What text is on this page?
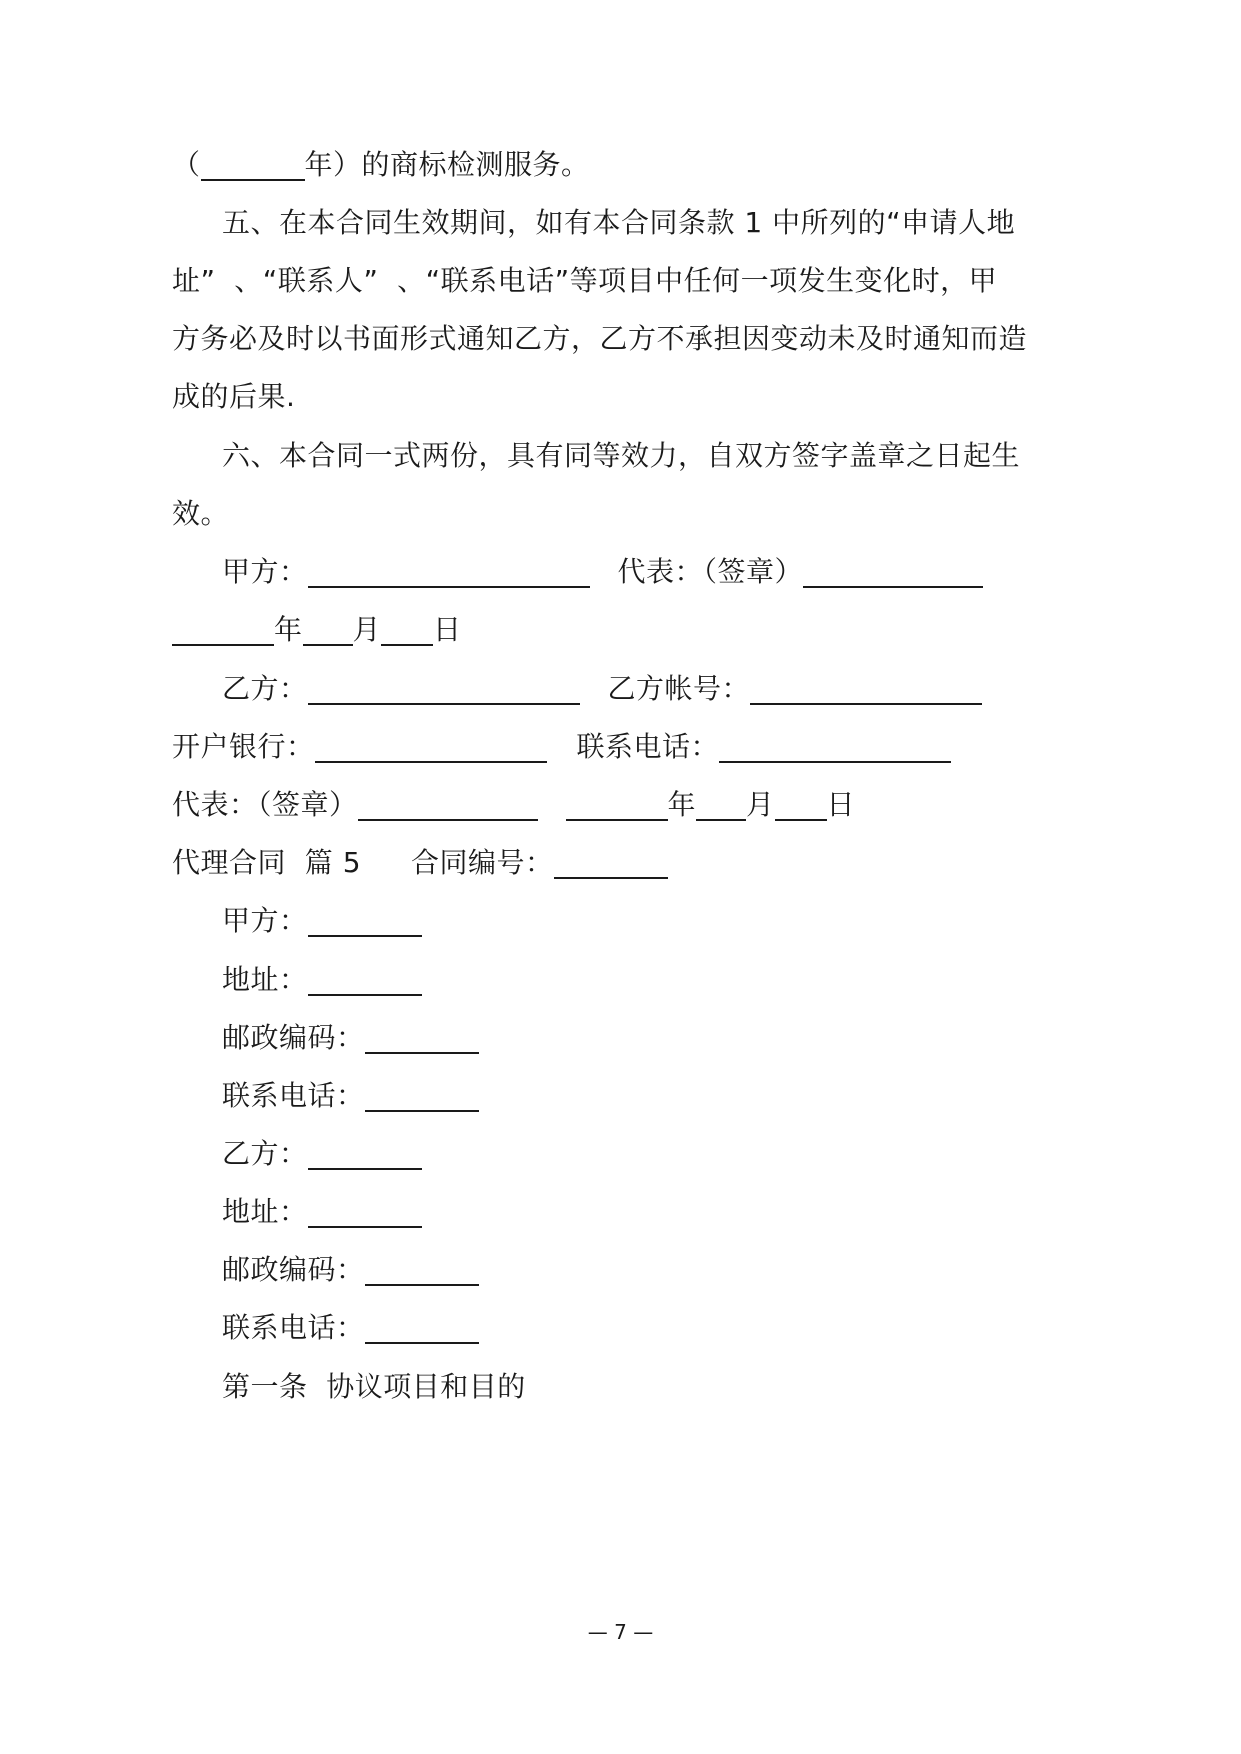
（	年）的商标检测服务。
五、在本合同生效期间，如有本合同条款 1 中所列的“申请人地
址”  、“联系人”  、“联系电话”等项目中任何一项发生变化时，甲
方务必及时以书面形式通知乙方，乙方不承担因变动未及时通知而造
成的后果.
六、本合同一式两份，具有同等效力，自双方签字盖章之日起生
效。
甲方：	代表：（签章）
年 月 日
乙方：	乙方帐号：
开户银行：	联系电话：
代表：（签章）	年 月 日
代理合同  篇 5 合同编号：
甲方：
地址：
邮政编码：
联系电话：
乙方：
地址：
邮政编码：
联系电话：
第一条  协议项目和目的
— 7 —
